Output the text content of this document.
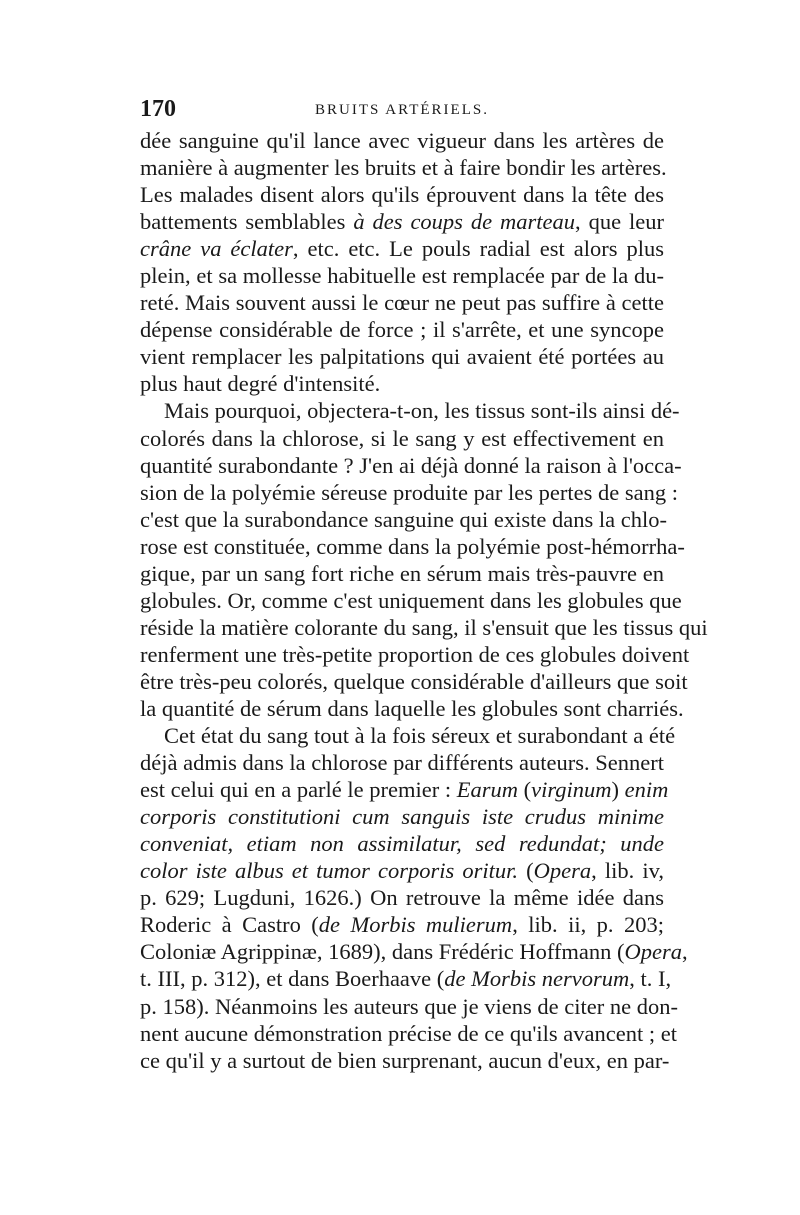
170	BRUITS ARTÉRIELS.
dée sanguine qu'il lance avec vigueur dans les artères de
manière à augmenter les bruits et à faire bondir les artères.
Les malades disent alors qu'ils éprouvent dans la tête des
battements semblables à des coups de marteau, que leur
crâne va éclater, etc. etc. Le pouls radial est alors plus
plein, et sa mollesse habituelle est remplacée par de la du-
reté. Mais souvent aussi le cœur ne peut pas suffire à cette
dépense considérable de force ; il s'arrête, et une syncope
vient remplacer les palpitations qui avaient été portées au
plus haut degré d'intensité.
Mais pourquoi, objectera-t-on, les tissus sont-ils ainsi dé-
colorés dans la chlorose, si le sang y est effectivement en
quantité surabondante ? J'en ai déjà donné la raison à l'occa-
sion de la polyémie séreuse produite par les pertes de sang :
c'est que la surabondance sanguine qui existe dans la chlo-
rose est constituée, comme dans la polyémie post-hémorrha-
gique, par un sang fort riche en sérum mais très-pauvre en
globules. Or, comme c'est uniquement dans les globules que
réside la matière colorante du sang, il s'ensuit que les tissus qui
renferment une très-petite proportion de ces globules doivent
être très-peu colorés, quelque considérable d'ailleurs que soit
la quantité de sérum dans laquelle les globules sont charriés.
Cet état du sang tout à la fois séreux et surabondant a été
déjà admis dans la chlorose par différents auteurs. Sennert
est celui qui en a parlé le premier : Earum (virginum) enim
corporis constitutioni cum sanguis iste crudus minime
conveniat, etiam non assimilatur, sed redundat; unde
color iste albus et tumor corporis oritur. (Opera, lib. iv,
p. 629; Lugduni, 1626.) On retrouve la même idée dans
Roderic à Castro (de Morbis mulierum, lib. ii, p. 203;
Coloniæ Agrippinæ, 1689), dans Frédéric Hoffmann (Opera,
t. III, p. 312), et dans Boerhaave (de Morbis nervorum, t. I,
p. 158). Néanmoins les auteurs que je viens de citer ne don-
nent aucune démonstration précise de ce qu'ils avancent ; et
ce qu'il y a surtout de bien surprenant, aucun d'eux, en par-
